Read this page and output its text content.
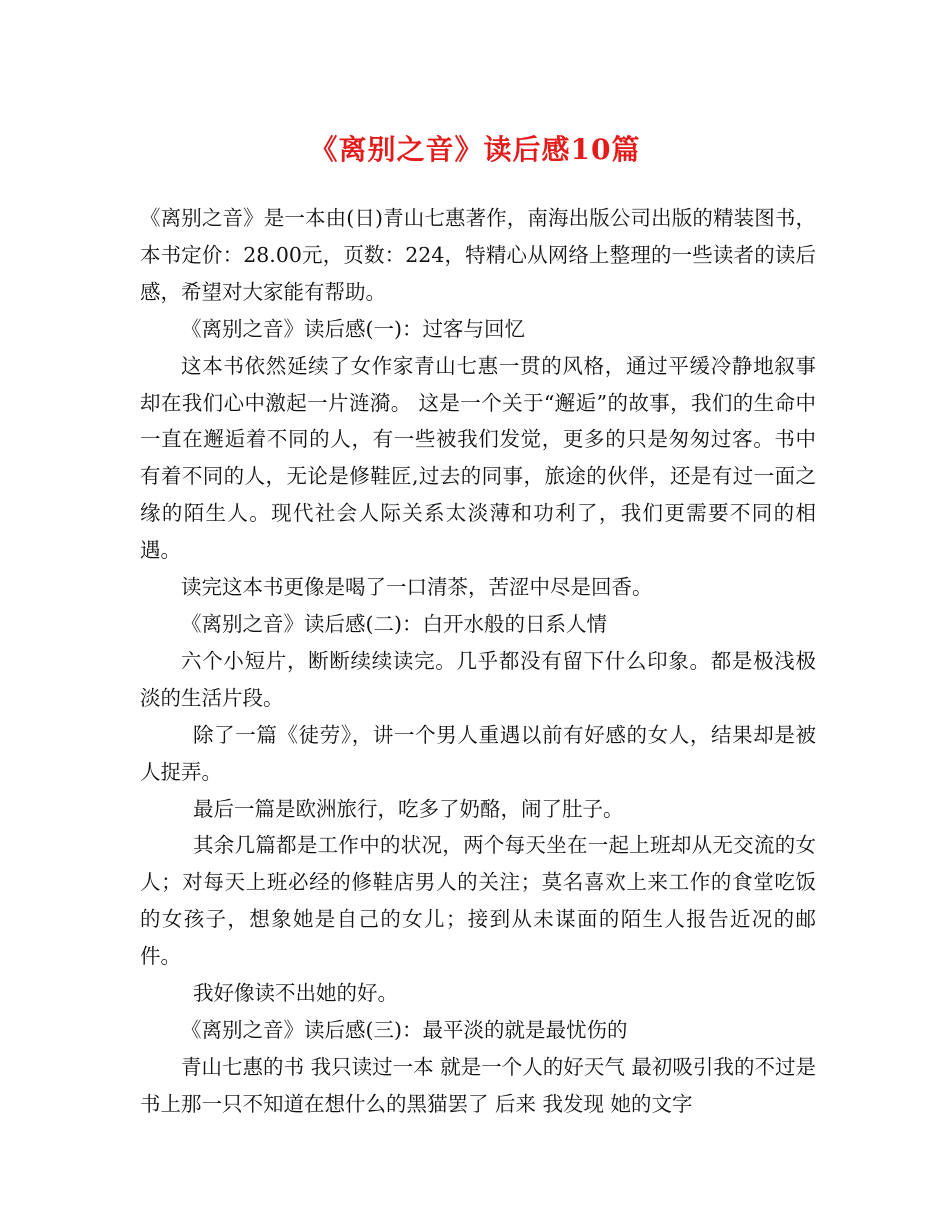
《离别之音》读后感10篇

《离别之音》是一本由(日)青山七惠著作，南海出版公司出版的精装图书，本书定价：28.00元，页数：224，特精心从网络上整理的一些读者的读后感，希望对大家能有帮助。

《离别之音》读后感(一)：过客与回忆

这本书依然延续了女作家青山七惠一贯的风格，通过平缓冷静地叙事却在我们心中激起一片涟漪。 这是一个关于“邂逅”的故事，我们的生命中一直在邂逅着不同的人，有一些被我们发觉，更多的只是匆匆过客。书中有着不同的人，无论是修鞋匠,过去的同事，旅途的伙伴，还是有过一面之缘的陌生人。现代社会人际关系太淡薄和功利了，我们更需要不同的相遇。

读完这本书更像是喝了一口清茶，苦涩中尽是回香。

《离别之音》读后感(二)：白开水般的日系人情

六个小短片，断断续续读完。几乎都没有留下什么印象。都是极浅极淡的生活片段。

除了一篇《徒劳》，讲一个男人重遇以前有好感的女人，结果却是被人捉弄。

最后一篇是欧洲旅行，吃多了奶酪，闹了肚子。

其余几篇都是工作中的状况，两个每天坐在一起上班却从无交流的女人；对每天上班必经的修鞋店男人的关注；莫名喜欢上来工作的食堂吃饭的女孩子，想象她是自己的女儿；接到从未谋面的陌生人报告近况的邮件。

我好像读不出她的好。

《离别之音》读后感(三)：最平淡的就是最忧伤的

青山七惠的书 我只读过一本 就是一个人的好天气 最初吸引我的不过是书上那一只不知道在想什么的黑猫罢了 后来 我发现 她的文字
